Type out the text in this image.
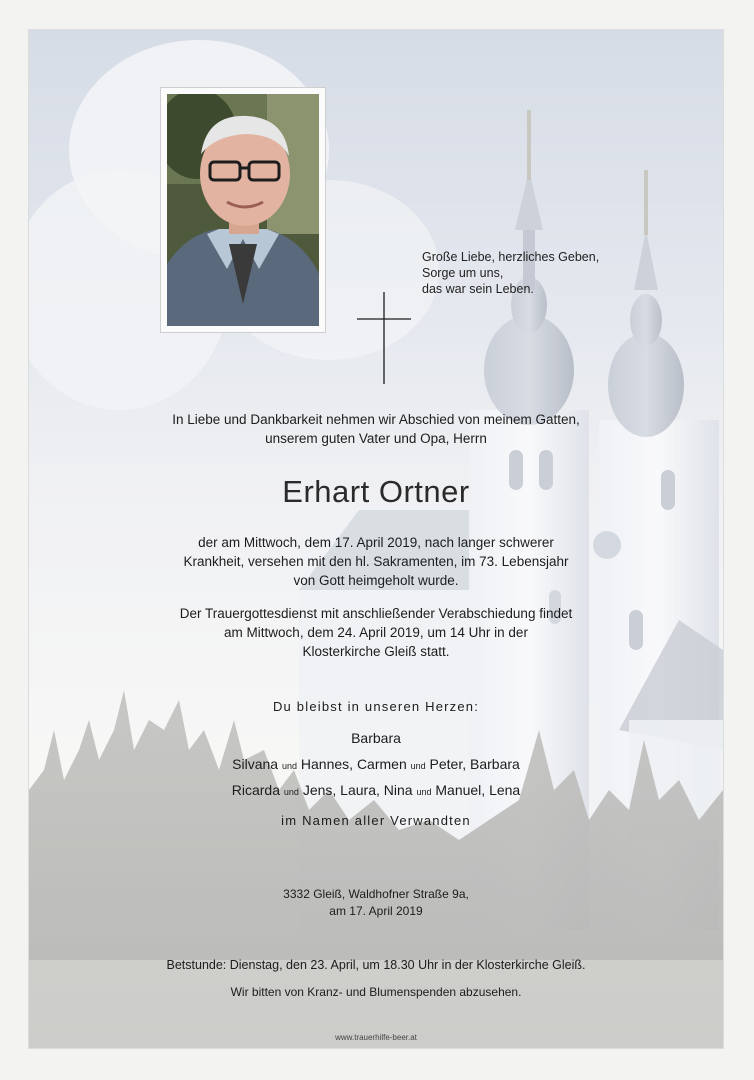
Große Liebe, herzliches Geben,
Sorge um uns,
das war sein Leben.
In Liebe und Dankbarkeit nehmen wir Abschied von meinem Gatten,
unserem guten Vater und Opa, Herrn
Erhart Ortner
der am Mittwoch, dem 17. April 2019, nach langer schwerer
Krankheit, versehen mit den hl. Sakramenten, im 73. Lebensjahr
von Gott heimgeholt wurde.
Der Trauergottesdienst mit anschließender Verabschiedung findet
am Mittwoch, dem 24. April 2019, um 14 Uhr in der
Klosterkirche Gleiß statt.
Du bleibst in unseren Herzen:
Barbara
Silvana und Hannes, Carmen und Peter, Barbara
Ricarda und Jens, Laura, Nina und Manuel, Lena
im Namen aller Verwandten
3332 Gleiß, Waldhofner Straße 9a,
am 17. April 2019
Betstunde: Dienstag, den 23. April, um 18.30 Uhr in der Klosterkirche Gleiß.
Wir bitten von Kranz- und Blumenspenden abzusehen.
www.trauerhilfe-beer.at
